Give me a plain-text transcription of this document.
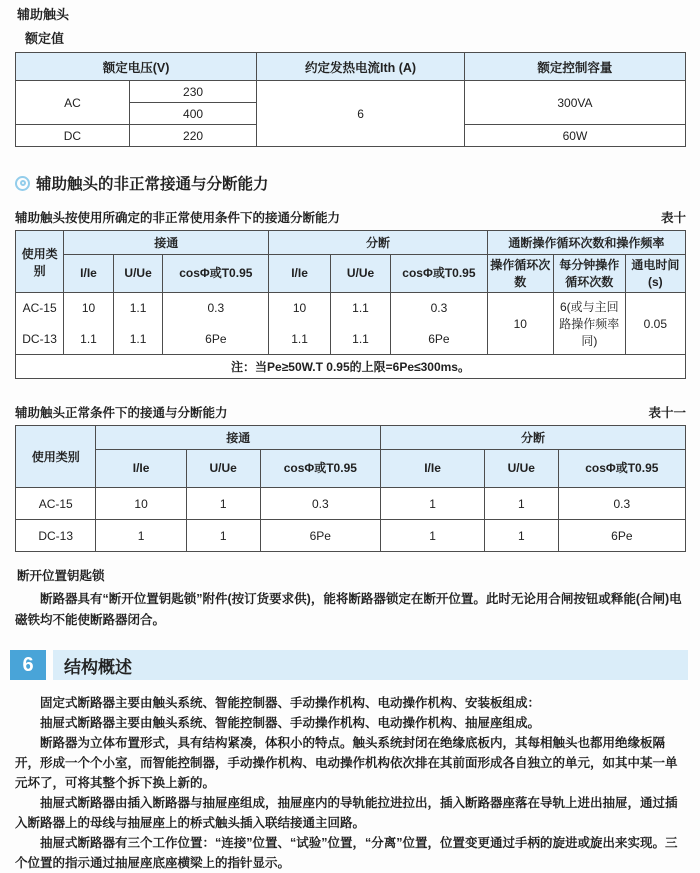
辅助触头
额定值
额定电压(V)		约定发热电流Ith (A)	额定控制容量
AC	230	6	300VA
	400		
DC	220		60W
辅助触头的非正常接通与分断能力
辅助触头按使用所确定的非正常使用条件下的接通分断能力	表十
使用类别	接通			分断			通断操作循环次数和操作频率		
	I/Ie	U/Ue	cosΦ或T0.95	I/Ie	U/Ue	cosΦ或T0.95	操作循环次数	每分钟操作循环次数	通电时间(s)
AC-15	10	1.1	0.3	10	1.1	0.3	10	6(或与主回路操作频率同)	0.05
DC-13	1.1	1.1	6Pe	1.1	1.1	6Pe			
注：当Pe≥50W.T 0.95的上限=6Pe≤300ms。									
辅助触头正常条件下的接通与分断能力	表十一
使用类别	接通			分断		
	I/Ie	U/Ue	cosΦ或T0.95	I/Ie	U/Ue	cosΦ或T0.95
AC-15	10	1	0.3	1	1	0.3
DC-13	1	1	6Pe	1	1	6Pe
断开位置钥匙锁

断路器具有“断开位置钥匙锁”附件(按订货要求供)，能将断路器锁定在断开位置。此时无论用合闸按钮或释能(合闸)电磁铁均不能使断路器闭合。

6	结构概述

固定式断路器主要由触头系统、智能控制器、手动操作机构、电动操作机构、安装板组成：

抽屉式断路器主要由触头系统、智能控制器、手动操作机构、电动操作机构、抽屉座组成。

断路器为立体布置形式，具有结构紧凑，体积小的特点。触头系统封闭在绝缘底板内，其每相触头也都用绝缘板隔开，形成一个个小室，而智能控制器，手动操作机构、电动操作机构依次排在其前面形成各自独立的单元，如其中某一单元坏了，可将其整个拆下换上新的。

抽屉式断路器由插入断路器与抽屉座组成，抽屉座内的导轨能拉进拉出，插入断路器座落在导轨上进出抽屉，通过插入断路器上的母线与抽屉座上的桥式触头插入联结接通主回路。

抽屉式断路器有三个工作位置：“连接”位置、“试验”位置，“分离”位置，位置变更通过手柄的旋进或旋出来实现。三个位置的指示通过抽屉座底座横梁上的指针显示。
